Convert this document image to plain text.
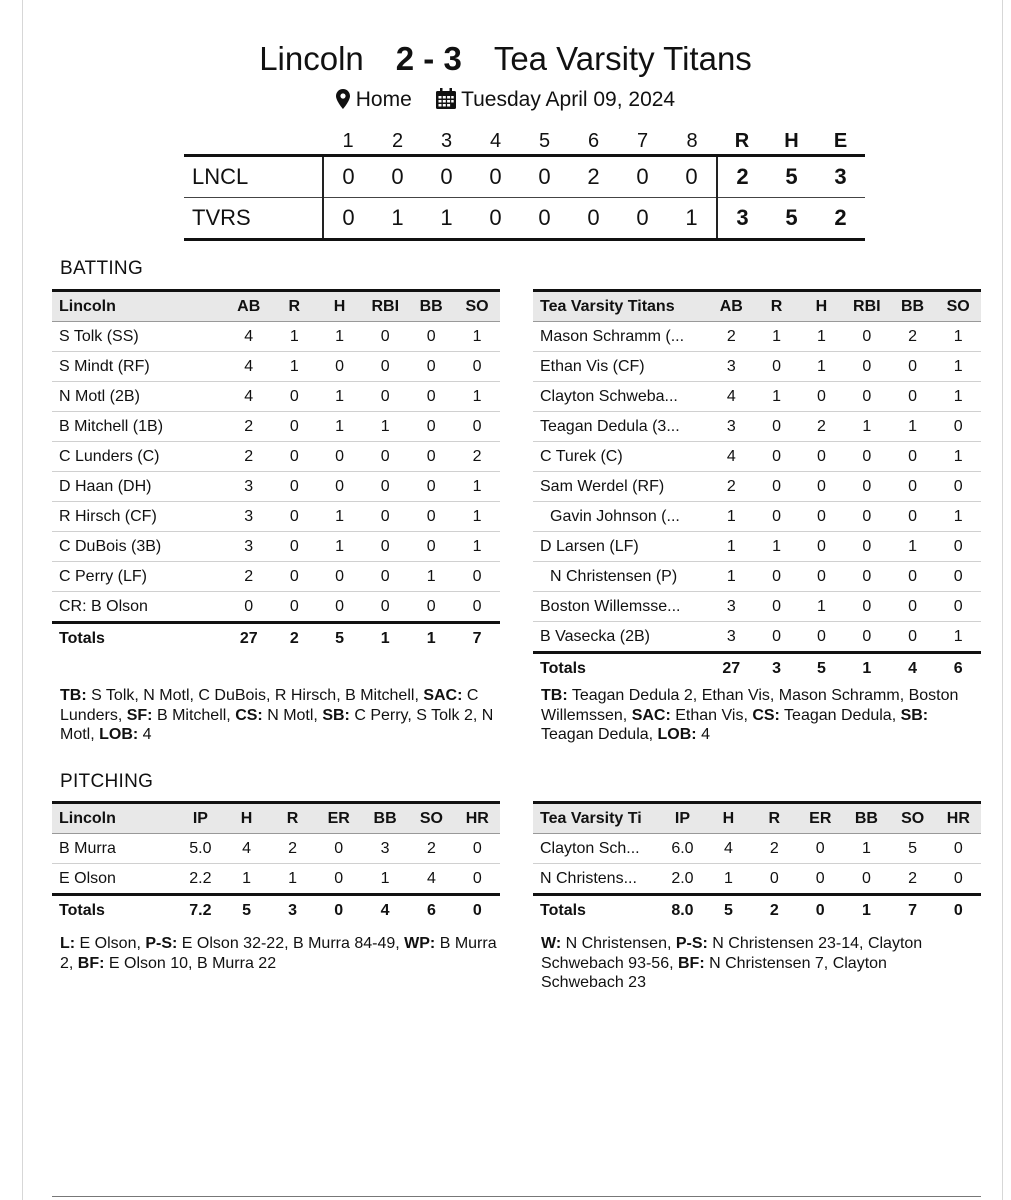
Lincoln 2 - 3 Tea Varsity Titans
Home Tuesday April 09, 2024
	1	2	3	4	5	6	7	8	R	H	E
LNCL	0	0	0	0	0	2	0	0	2	5	3
TVRS	0	1	1	0	0	0	0	1	3	5	2
BATTING
Lincoln	AB	R	H	RBI	BB	SO
S Tolk (SS)	4	1	1	0	0	1
S Mindt (RF)	4	1	0	0	0	0
N Motl (2B)	4	0	1	0	0	1
B Mitchell (1B)	2	0	1	1	0	0
C Lunders (C)	2	0	0	0	0	2
D Haan (DH)	3	0	0	0	0	1
R Hirsch (CF)	3	0	1	0	0	1
C DuBois (3B)	3	0	1	0	0	1
C Perry (LF)	2	0	0	0	1	0
CR: B Olson	0	0	0	0	0	0
Totals	27	2	5	1	1	7
Tea Varsity Titans	AB	R	H	RBI	BB	SO
Mason Schramm (...	2	1	1	0	2	1
Ethan Vis (CF)	3	0	1	0	0	1
Clayton Schweba...	4	1	0	0	0	1
Teagan Dedula (3...	3	0	2	1	1	0
C Turek (C)	4	0	0	0	0	1
Sam Werdel (RF)	2	0	0	0	0	0
Gavin Johnson (...	1	0	0	0	0	1
D Larsen (LF)	1	1	0	0	1	0
N Christensen (P)	1	0	0	0	0	0
Boston Willemsse...	3	0	1	0	0	0
B Vasecka (2B)	3	0	0	0	0	1
Totals	27	3	5	1	4	6
TB: S Tolk, N Motl, C DuBois, R Hirsch, B Mitchell, SAC: C Lunders, SF: B Mitchell, CS: N Motl, SB: C Perry, S Tolk 2, N Motl, LOB: 4
TB: Teagan Dedula 2, Ethan Vis, Mason Schramm, Boston Willemssen, SAC: Ethan Vis, CS: Teagan Dedula, SB: Teagan Dedula, LOB: 4
PITCHING
Lincoln	IP	H	R	ER	BB	SO	HR
B Murra	5.0	4	2	0	3	2	0
E Olson	2.2	1	1	0	1	4	0
Totals	7.2	5	3	0	4	6	0
Tea Varsity Ti	IP	H	R	ER	BB	SO	HR
Clayton Sch...	6.0	4	2	0	1	5	0
N Christens...	2.0	1	0	0	0	2	0
Totals	8.0	5	2	0	1	7	0
L: E Olson, P-S: E Olson 32-22, B Murra 84-49, WP: B Murra 2, BF: E Olson 10, B Murra 22
W: N Christensen, P-S: N Christensen 23-14, Clayton Schwebach 93-56, BF: N Christensen 7, Clayton Schwebach 23
